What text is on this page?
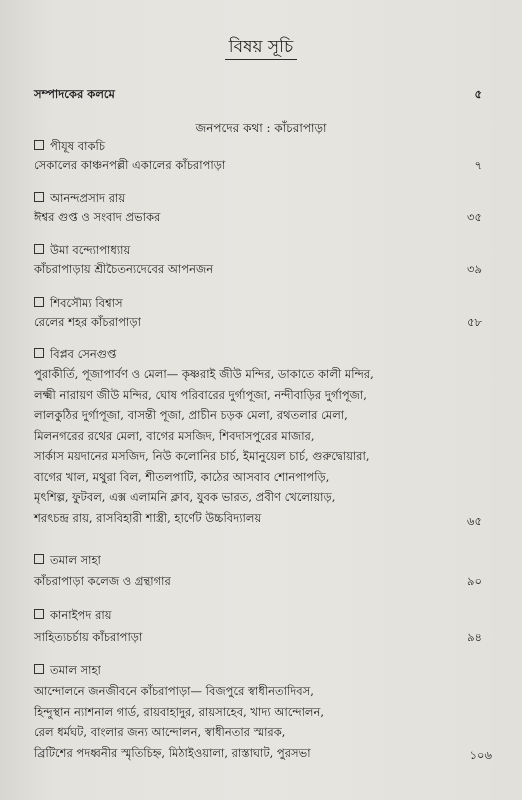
বিষয় সূচি
সম্পাদকের কলমে	৫
জনপদের কথা : কাঁচরাপাড়া
পীযূষ বাকচি
সেকালের কাঞ্চনপল্লী একালের কাঁচরাপাড়া	৭
আনন্দপ্রসাদ রায়
ঈশ্বর গুপ্ত ও সংবাদ প্রভাকর	৩৫
উমা বন্দ্যোপাধ্যায়
কাঁচরাপাড়ায় শ্রীচৈতন্যদেবের আপনজন	৩৯
শিবসৌম্য বিশ্বাস
রেলের শহর কাঁচরাপাড়া	৫৮
বিপ্লব সেনগুপ্ত
পুরাকীর্তি, পূজাপার্বণ ও মেলা— কৃষ্ণরাই জীউ মন্দির, ডাকাতে কালী মন্দির,
লক্ষ্মী নারায়ণ জীউ মন্দির, ঘোষ পরিবারের দুর্গাপূজা, নন্দীবাড়ির দুর্গাপূজা,
লালকুঠির দুর্গাপূজা, বাসন্তী পূজা, প্রাচীন চড়ক মেলা, রথতলার মেলা,
মিলনগরের রথের মেলা, বাগের মসজিদ, শিবদাসপুরের মাজার,
সার্কাস ময়দানের মসজিদ, নিউ কলোনির চার্চ, ইমানুয়েল চার্চ, গুরুদ্বোয়ারা,
বাগের খাল, মথুরা বিল, শীতলপাটি, কাঠের আসবাব শোনপাপড়ি,
মৃৎশিল্প, ফুটবল, এক্স এলামনি ক্লাব, যুবক ভারত, প্রবীণ খেলোয়াড়,
শরৎচন্দ্র রায়, রাসবিহারী শাস্ত্রী, হার্ণেট উচ্চবিদ্যালয়	৬৫
তমাল সাহা
কাঁচরাপাড়া কলেজ ও গ্রন্থাগার	৯০
কানাইপদ রায়
সাহিত্যচর্চায় কাঁচরাপাড়া	৯৪
তমাল সাহা
আন্দোলনে জনজীবনে কাঁচরাপাড়া— বিজপুরে স্বাধীনতাদিবস,
হিন্দুস্থান ন্যাশনাল গার্ড, রায়বাহাদুর, রায়সাহেব, খাদ্য আন্দোলন,
রেল ধর্মঘট, বাংলার জন্য আন্দোলন, স্বাধীনতার স্মারক,
ব্রিটিশের পদধ্বনীর স্মৃতিচিহ্ন, মিঠাইওয়ালা, রাস্তাঘাট, পুরসভা	১০৬
